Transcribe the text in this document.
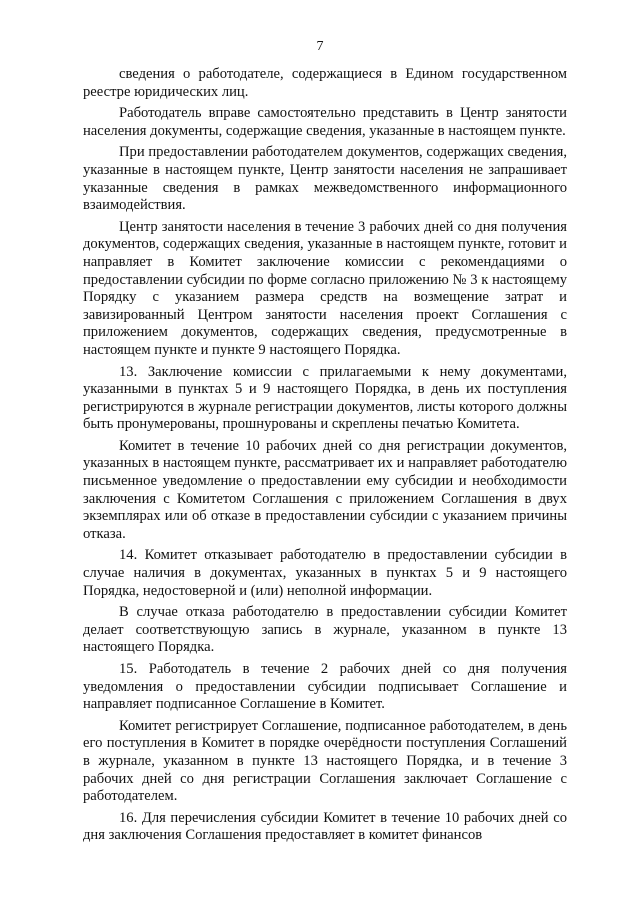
7

сведения о работодателе, содержащиеся в Едином государственном реестре юридических лиц.

Работодатель вправе самостоятельно представить в Центр занятости населения документы, содержащие сведения, указанные в настоящем пункте.

При предоставлении работодателем документов, содержащих сведения, указанные в настоящем пункте, Центр занятости населения не запрашивает указанные сведения в рамках межведомственного информационного взаимодействия.

Центр занятости населения в течение 3 рабочих дней со дня получения документов, содержащих сведения, указанные в настоящем пункте, готовит и направляет в Комитет заключение комиссии с рекомендациями о предоставлении субсидии по форме согласно приложению № 3 к настоящему Порядку с указанием размера средств на возмещение затрат и завизированный Центром занятости населения проект Соглашения с приложением документов, содержащих сведения, предусмотренные в настоящем пункте и пункте 9 настоящего Порядка.

13. Заключение комиссии с прилагаемыми к нему документами, указанными в пунктах 5 и 9 настоящего Порядка, в день их поступления регистрируются в журнале регистрации документов, листы которого должны быть пронумерованы, прошнурованы и скреплены печатью Комитета.

Комитет в течение 10 рабочих дней со дня регистрации документов, указанных в настоящем пункте, рассматривает их и направляет работодателю письменное уведомление о предоставлении ему субсидии и необходимости заключения с Комитетом Соглашения с приложением Соглашения в двух экземплярах или об отказе в предоставлении субсидии с указанием причины отказа.

14. Комитет отказывает работодателю в предоставлении субсидии в случае наличия в документах, указанных в пунктах 5 и 9 настоящего Порядка, недостоверной и (или) неполной информации.

В случае отказа работодателю в предоставлении субсидии Комитет делает соответствующую запись в журнале, указанном в пункте 13 настоящего Порядка.

15. Работодатель в течение 2 рабочих дней со дня получения уведомления о предоставлении субсидии подписывает Соглашение и направляет подписанное Соглашение в Комитет.

Комитет регистрирует Соглашение, подписанное работодателем, в день его поступления в Комитет в порядке очерёдности поступления Соглашений в журнале, указанном в пункте 13 настоящего Порядка, и в течение 3 рабочих дней со дня регистрации Соглашения заключает Соглашение с работодателем.

16. Для перечисления субсидии Комитет в течение 10 рабочих дней со дня заключения Соглашения предоставляет в комитет финансов
